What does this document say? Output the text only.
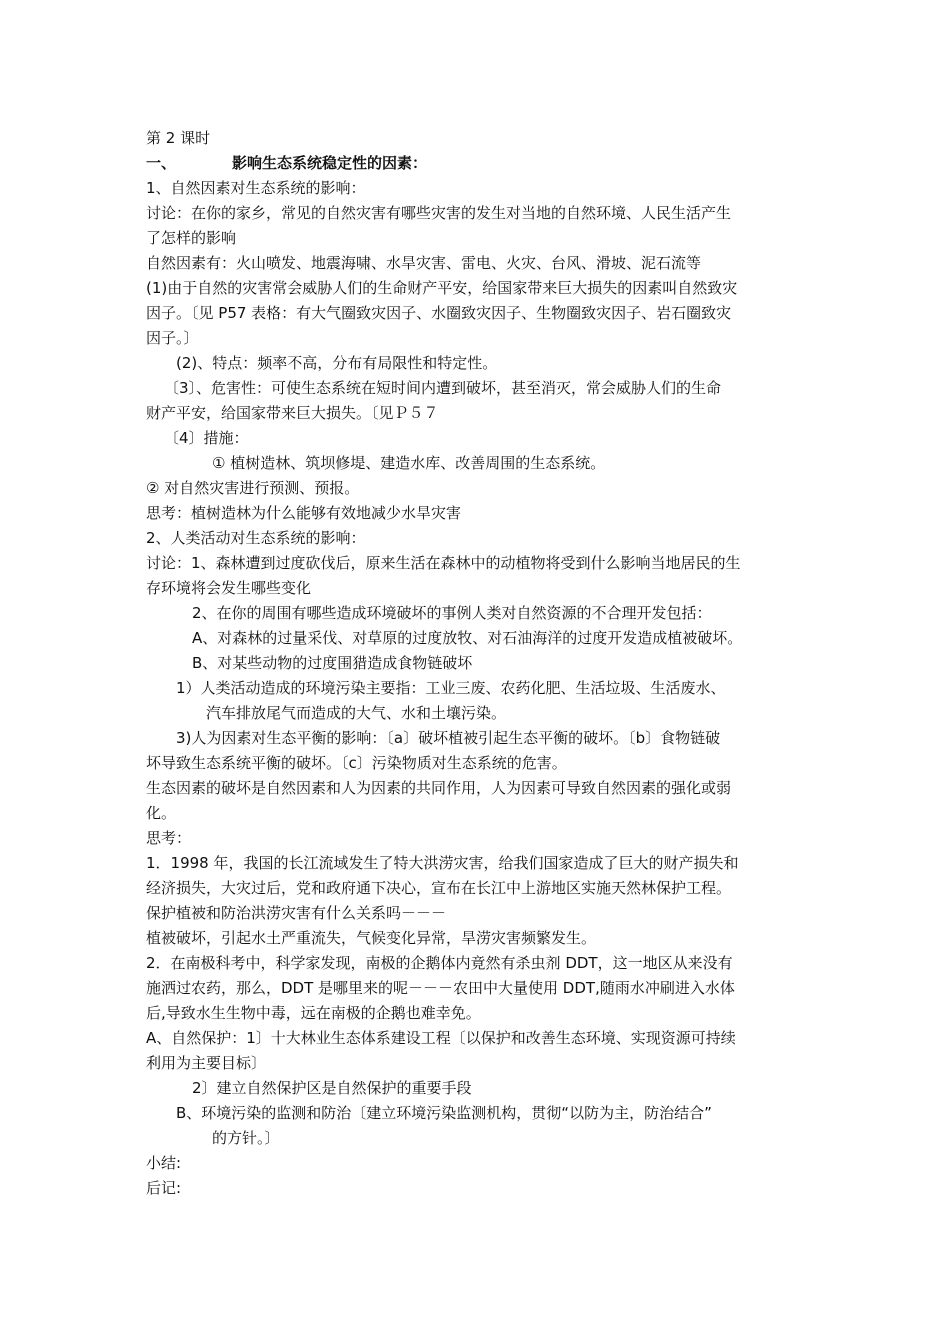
第 2 课时
一、	影响生态系统稳定性的因素：
1、自然因素对生态系统的影响：
讨论：在你的家乡，常见的自然灾害有哪些灾害的发生对当地的自然环境、人民生活产生
了怎样的影响
自然因素有：火山喷发、地震海啸、水旱灾害、雷电、火灾、台风、滑坡、泥石流等
(1)由于自然的灾害常会威胁人们的生命财产平安，给国家带来巨大损失的因素叫自然致灾
因子。〔见 P57 表格：有大气圈致灾因子、水圈致灾因子、生物圈致灾因子、岩石圈致灾
因子。〕
(2)、特点：频率不高，分布有局限性和特定性。
〔3〕、危害性：可使生态系统在短时间内遭到破坏，甚至消灭，常会威胁人们的生命
财产平安，给国家带来巨大损失。〔见Ｐ５７
〔4〕措施：
① 植树造林、筑坝修堤、建造水库、改善周围的生态系统。
② 对自然灾害进行预测、预报。
思考：植树造林为什么能够有效地减少水旱灾害
2、人类活动对生态系统的影响：
讨论：1、森林遭到过度砍伐后，原来生活在森林中的动植物将受到什么影响当地居民的生
存环境将会发生哪些变化
2、在你的周围有哪些造成环境破坏的事例人类对自然资源的不合理开发包括：
A、对森林的过量采伐、对草原的过度放牧、对石油海洋的过度开发造成植被破坏。
B、对某些动物的过度围猎造成食物链破坏
1）人类活动造成的环境污染主要指：工业三废、农药化肥、生活垃圾、生活废水、
汽车排放尾气而造成的大气、水和土壤污染。
3)人为因素对生态平衡的影响：〔a〕破坏植被引起生态平衡的破坏。〔b〕食物链破
坏导致生态系统平衡的破坏。〔c〕污染物质对生态系统的危害。
生态因素的破坏是自然因素和人为因素的共同作用，人为因素可导致自然因素的强化或弱
化。
思考：
1．1998 年，我国的长江流域发生了特大洪涝灾害，给我们国家造成了巨大的财产损失和
经济损失，大灾过后，党和政府通下决心，宣布在长江中上游地区实施天然林保护工程。
保护植被和防治洪涝灾害有什么关系吗－－－
植被破坏，引起水土严重流失，气候变化异常，旱涝灾害频繁发生。
2．在南极科考中，科学家发现，南极的企鹅体内竟然有杀虫剂 DDT，这一地区从来没有
施洒过农药，那么，DDT 是哪里来的呢－－－农田中大量使用 DDT,随雨水冲刷进入水体
后,导致水生生物中毒，远在南极的企鹅也难幸免。
A、自然保护：1〕十大林业生态体系建设工程〔以保护和改善生态环境、实现资源可持续
利用为主要目标〕
2〕建立自然保护区是自然保护的重要手段
B、环境污染的监测和防治〔建立环境污染监测机构，贯彻“以防为主，防治结合”
的方针。〕
小结:
后记:
